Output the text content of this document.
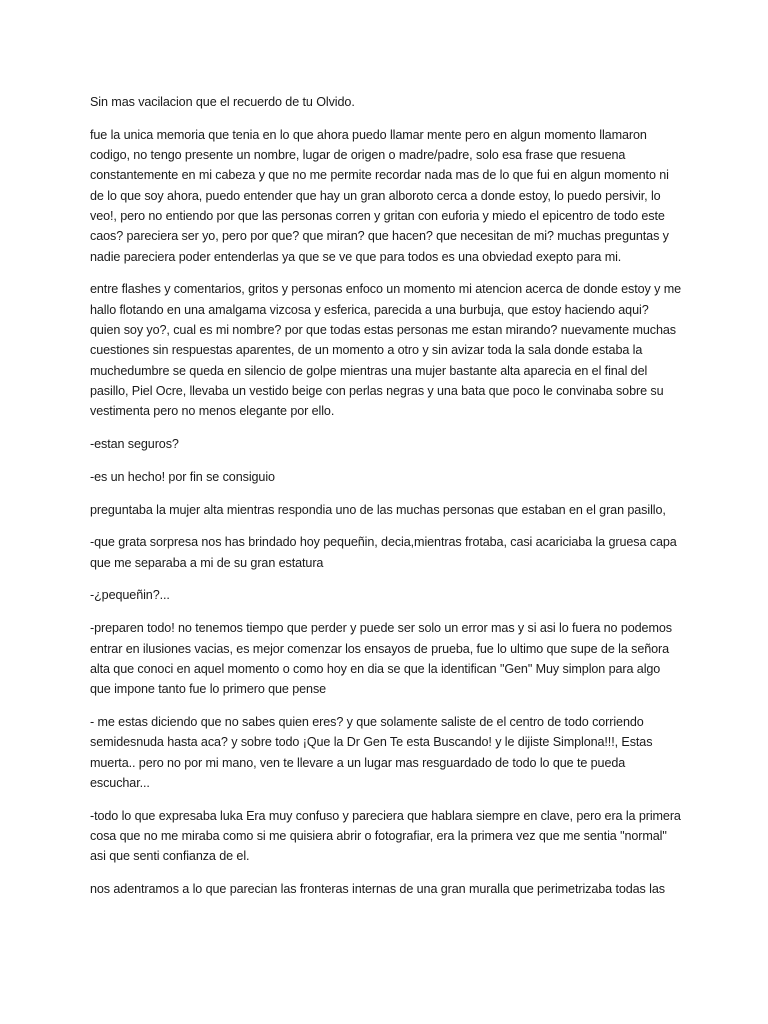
Sin mas vacilacion que el recuerdo de tu Olvido.

fue la unica memoria que tenia en lo que ahora puedo llamar mente pero en algun momento llamaron codigo, no tengo presente un nombre, lugar de origen o madre/padre, solo esa frase que resuena constantemente en mi cabeza y que no me permite recordar nada mas de lo que fui en algun momento ni de lo que soy ahora, puedo entender que hay un gran alboroto cerca a donde estoy, lo puedo persivir, lo veo!, pero no entiendo por que las personas corren y gritan con euforia y miedo el epicentro de todo este caos? pareciera ser yo, pero por que? que miran? que hacen? que necesitan de mi? muchas preguntas y nadie pareciera poder entenderlas ya que se ve que para todos es una obviedad exepto para mi.

entre flashes y comentarios, gritos y personas enfoco un momento mi atencion acerca de donde estoy y me hallo flotando en una amalgama vizcosa y esferica, parecida a una burbuja, que estoy haciendo aqui? quien soy yo?, cual es mi nombre? por que todas estas personas me estan mirando? nuevamente muchas cuestiones sin respuestas aparentes, de un momento a otro y sin avizar toda la sala donde estaba la muchedumbre se queda en silencio de golpe mientras una mujer bastante alta aparecia en el final del pasillo, Piel Ocre, llevaba un vestido beige con perlas negras y una bata que poco le convinaba sobre su vestimenta pero no menos elegante por ello.

-estan seguros?

-es un hecho! por fin se consiguio

preguntaba la mujer alta mientras respondia uno de las muchas personas que estaban en el gran pasillo,

-que grata sorpresa nos has brindado hoy pequeñin, decia,mientras frotaba, casi acariciaba la gruesa capa que me separaba a mi de su gran estatura

-¿pequeñin?...

-preparen todo! no tenemos tiempo que perder y puede ser solo un error mas y si asi lo fuera no podemos entrar en ilusiones vacias, es mejor comenzar los ensayos de prueba, fue lo ultimo que supe de la señora alta que conoci en aquel momento o como hoy en dia se que la identifican "Gen" Muy simplon para algo que impone tanto fue lo primero que pense

- me estas diciendo que no sabes quien eres? y que solamente saliste de el centro de todo corriendo semidesnuda hasta aca? y sobre todo ¡Que la Dr Gen Te esta Buscando! y le dijiste Simplona!!!, Estas muerta.. pero no por mi mano, ven te llevare a un lugar mas resguardado de todo lo que te pueda escuchar...

-todo lo que expresaba luka Era muy confuso y pareciera que hablara siempre en clave, pero era la primera cosa que no me miraba como si me quisiera abrir o fotografiar, era la primera vez que me sentia "normal" asi que senti confianza de el.

nos adentramos a lo que parecian las fronteras internas de una gran muralla que perimetrizaba todas las
